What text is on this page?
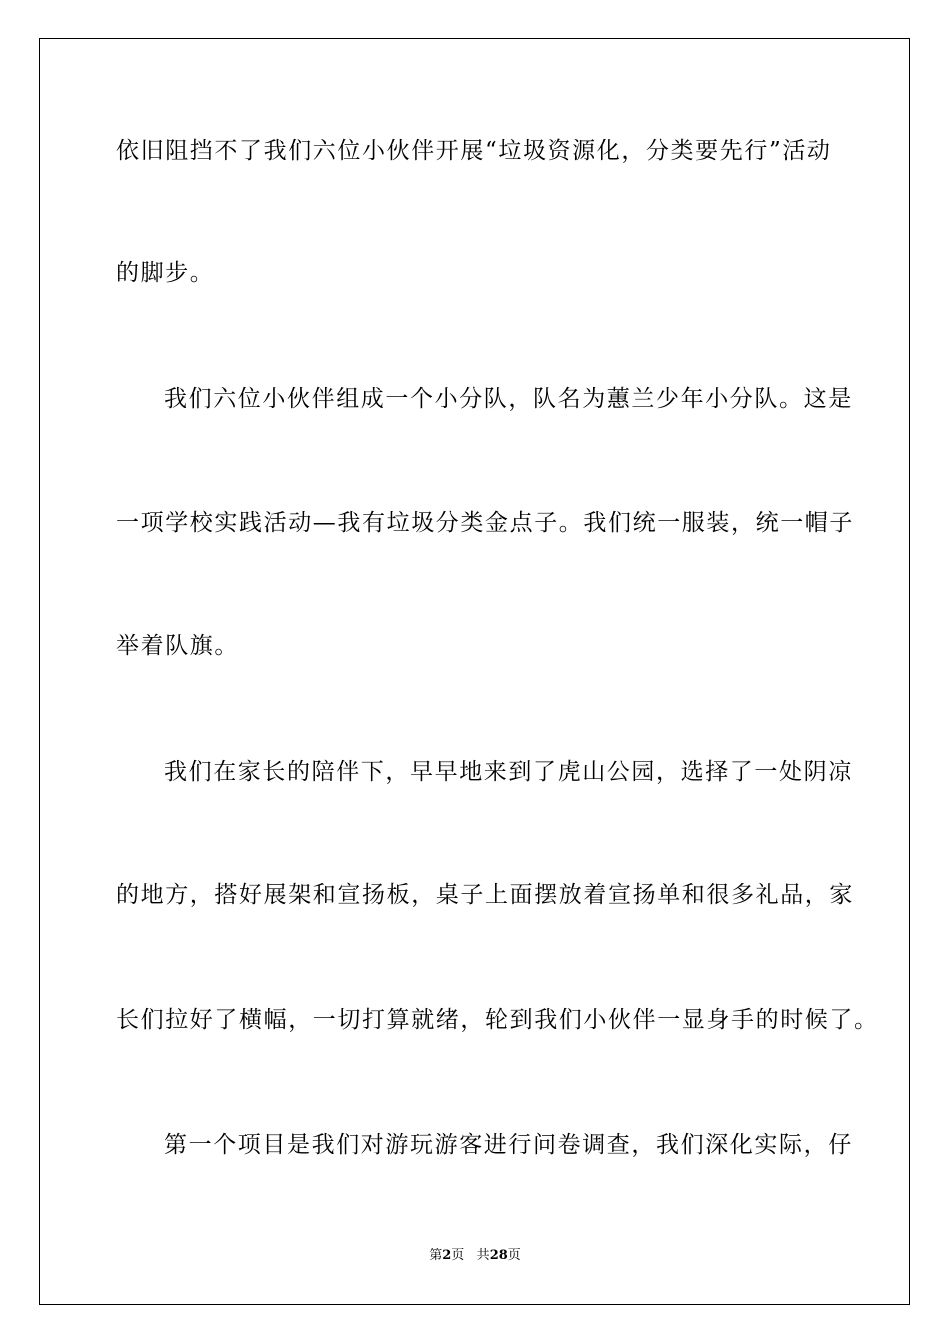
依旧阻挡不了我们六位小伙伴开展“垃圾资源化，分类要先行”活动
的脚步。
我们六位小伙伴组成一个小分队，队名为蕙兰少年小分队。这是
一项学校实践活动—我有垃圾分类金点子。我们统一服装，统一帽子
举着队旗。
我们在家长的陪伴下，早早地来到了虎山公园，选择了一处阴凉
的地方，搭好展架和宣扬板，桌子上面摆放着宣扬单和很多礼品，家
长们拉好了横幅，一切打算就绪，轮到我们小伙伴一显身手的时候了。
第一个项目是我们对游玩游客进行问卷调查，我们深化实际，仔
第2页 共28页
